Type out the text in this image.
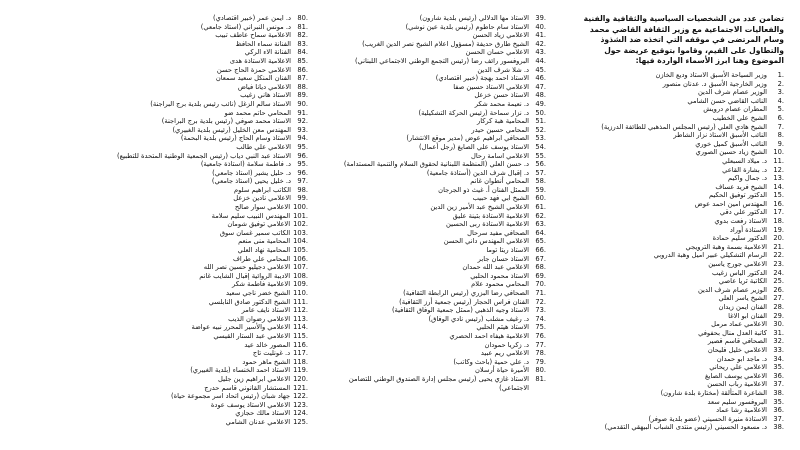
تضامن عدد من الشخصيات السياسية والثقافية والفنية والفعاليات الاجتماعية مع وزير الثقافة القاضي محمد وسام المرتضى في موقفه التي اتخذه ضد الشذوذ والتطاول على القيم، وقاموا بتوقيع عريضة حول الموضوع وهنا ابرز الأسماء الواردة فيها:

1.
وزير السياحة الأسبق الاستاذ وديع الخازن
2.
وزير الخارجية الأسبق د. عدنان منصور
3.
الوزير عصام شرف الدين
4.
النائب القاضي حسن الشامي
5.
المطران عصام درويش
6.
الشيخ علي الخطيب
7.
الشيخ هادي العلي (رئيس المجلس المذهبي للطائفة الدرزية)
8.
النائب الأسبق الاستاذ نزار الشاطر
9.
النائب الأسبق كميل خوري
10.
الشيخ زياد حسين الصوري
11.
د. ميلاد السبعلي
12.
د. بشارة القاعي
13.
د. جمال واكيم
14.
الشيخ فريد عساف
15.
الدكتور توفيق الحكيم
16.
المهندس امين احمد عوض
17.
الدكتور علي دقي
18.
الاستاذ رفعت بدوي
19.
الاستاذة أوراد
20.
الدكتور سليم حمادة
21.
الاعلامية بسمة وهبة الترويجي
22.
الرسام التشكيلي عبير اميل وهبة الدروبي
23.
الاعلامي جورج ياسين
24.
الدكتور الياس زغيب
25.
الكاتبة ثريا عاصي
26.
الوزير عصام شرف الدين
27.
الشيخ ياسر العلي
28.
الفنان ايمن زيدان
29.
الفنان ابو الاغا
30.
الاعلامي عماد مرمل
31.
كاتبة العدل منال بحفوفي
32.
الصحافي قاسم قصير
33.
الاعلامي خليل فليحان
34.
د. ماجد ابو حمدان
35.
الاعلامي علي ريحاني
36.
الاعلامي يوسف الصايغ
37.
الاعلامية رباب الحسن
38.
الشاعرة المتألقة (مختارة بلدة شارون)
35.
البروفسور سليم سعد
36.
الاعلامية رشا عماد
37.
الاستاذة منيرة الحسيني (عضو بلدية صوفر)
38.
د. مسعود الحسيني (رئيس منتدى الشباب البيهقي التقدمي)
39.
الاستاذ مها الدلالي (رئيس بلدية شارون)
40.
الاستاذ سام حاطوم (رئيس بلدية عين نوشي)
41.
الاعلامي زياد الحسن
42.
الشيخ طارق حديفة (مسؤول اعلام الشيخ نصر الدين الغريب)
43.
الاعلامي حسان الحسن
44.
البروفسور رائف رضا (رئيس التجمع الوطني الاجتماعي اللبناني)
45.
د. شلا شرف الدين
46.
الاستاذ احمد بهجة (خبير اقتصادي)
47.
الاعلامي الاستاذ حسين صفا
48.
الاستاذ حسن خزعل
49.
د. نعيمة محمد شكر
50.
د. نزار سماحة (رئيس الحركة التشكيلية)
51.
المحامية هبة كركار
52.
المحامي حسين حيدر
53.
الصحافي ابراهيم عوض (مدير موقع الانتشار)
54.
الاستاذ يوسف علي الصايغ (رجل أعمال)
55.
الاعلامي اسامة رحال
56.
د. حسن العلي (المنظمة اللبنانية لحقوق السلام والتنمية المستدامة)
57.
د. إقبال شرف الدين (أستاذة جامعية)
58.
المحامي أنطوان غانم
59.
الممثل الفنان أ. غيث ذو الجرجان
60.
الشيخ ابي فهد حبيب
61.
الاعلامي الشيخ عبد الأمير زين الدين
62.
الاعلامية الاستاذة بثينة عليق
63.
الاعلامية الاستاذة ربى الحسين
64.
الصحافي مفيد سرحال
65.
الاعلامي المهندس داني الحسن
66.
الاستاذ ريتا توما
67.
الاستاذ حسان جابر
68.
الاعلامي عبد الله حمدان
69.
الاستاذ محمود الحلبي
70.
المحامي محمود علام
71.
الصحافي رضا البزري (رئيس الرابطة الثقافية)
72.
الفنان فراس الحجار (رئيس جمعية أرز الثقافية)
73.
الاستاذ وجيه الذهبي (ممثل جمعية الوفاق الثقافية)
74.
د. رغيف مشلب (رئيس نادي الوفاق)
75.
الاستاذ هيثم الحلبي
76.
الاعلامية هيفاء احمد الحصري
77.
د. زكريا حمودان
78.
الاعلامي ريم عبيد
79.
د. علي حمية (باحث وكاتب)
80.
الأميرة حياة أرسلان
81.
الاستاذ غازي يحيى (رئيس مجلس إدارة الصندوق الوطني للتضامن الاجتماعي)
80.
د. ايمن عمر (خبير اقتصادي)
81.
د. مونس النبراني (استاذ جامعي)
82.
الاعلامية سماح عاطف تبيب
83.
الفنانة سماء الحافظ
84.
الفنانة الاء الركي
85.
الاعلامية الاستاذة هدى
86.
الاعلامي حمزة الحاج حسن
87.
الفنان المنكل سعيد سمعان
88.
الاعلامي ديانا فياض
89.
الاستاذ هاني زغيب
90.
الاستاذ سالم الزغل (نائب رئيس بلدية برج البراجنة)
91.
المحامي حاتم محمد ضو
92.
الاستاذ محمد صوفي (رئيس بلدية برج البراجنة)
93.
المهندس معن الخليل (رئيس بلدية الغبيري)
94.
الاستاذ وسام الحاج (رئيس بلدية البحمة)
95.
الاعلامي علي طالب
96.
الاستاذ عبد النبي دياب (رئيس الجمعية الوطنية المتحدة للتطبيع)
95.
د. فاطمة سلامة (استاذة جامعية)
96.
د. حليل يشير (استاذ جامعي)
97.
د. خليل يحيى (استاذ جامعي)
98.
الكاتب ابراهيم سلوم
99.
الاعلامي نادين خزعل
100.
الاعلامي سوار صالح
101.
المهندس النبيب سليم سلامة
102.
الاعلامي توفيق شومان
103.
الكاتب سمير غسان سوق
104.
المحامية منى منعم
105.
المحامية نهاد العلي
106.
المحامي علي طراف
107.
الاعلامي دجيليو حسين نصر الله
108.
الاديبة الروائية إقبال الشايب غانم
109.
الاعلامية فاطمة شكر
110.
الشيخ خضر ناجي سعيد
111.
الشيخ الدكتور صادق النابلسي
112.
الاستاذ نايف عامر
113.
الاعلامي رضوان الذيب
114.
الاعلامي والأسير المحرر نبيه عواضة
115.
الاعلامي عبد الستار القيسي
116.
المصور خالد عيد
117.
د. غونليت تاج
118.
الشيخ ماهر حمود
119.
الاستاذ احمد الخنساء (بلدية الغبيري)
120.
الاعلامي ابراهيم زين جليل
121.
المستشار القانوني قاسم حدرج
122.
جهاد شبان (رئيس اتحاد اسر مجموعة حياة)
123.
الاعلامي الاستاذ يوسف عودة
124.
الاستاذ مالك حجازي
125.
الاعلامي عدنان الشامي
